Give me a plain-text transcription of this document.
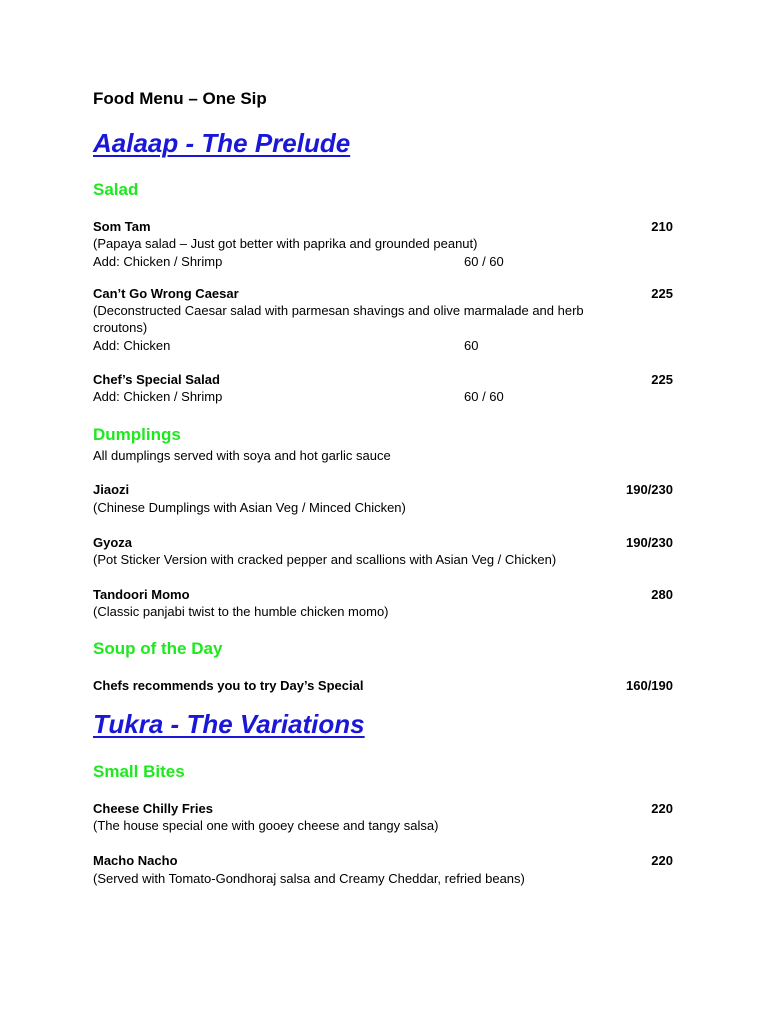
Food Menu – One Sip
Aalaap - The Prelude
Salad
Som Tam	210
(Papaya salad – Just got better with paprika and grounded peanut)
Add: Chicken / Shrimp	60 / 60
Can’t Go Wrong Caesar	225
(Deconstructed Caesar salad with parmesan shavings and olive marmalade and herb
croutons)
Add: Chicken	60
Chef’s Special Salad	225
Add: Chicken / Shrimp	60 / 60
Dumplings
All dumplings served with soya and hot garlic sauce
Jiaozi	190/230
(Chinese Dumplings with Asian Veg / Minced Chicken)
Gyoza	190/230
(Pot Sticker Version with cracked pepper and scallions with Asian Veg / Chicken)
Tandoori Momo	280
(Classic panjabi twist to the humble chicken momo)
Soup of the Day
Chefs recommends you to try Day’s Special	160/190
Tukra - The Variations
Small Bites
Cheese Chilly Fries	220
(The house special one with gooey cheese and tangy salsa)
Macho Nacho	220
(Served with Tomato-Gondhoraj salsa and Creamy Cheddar, refried beans)
